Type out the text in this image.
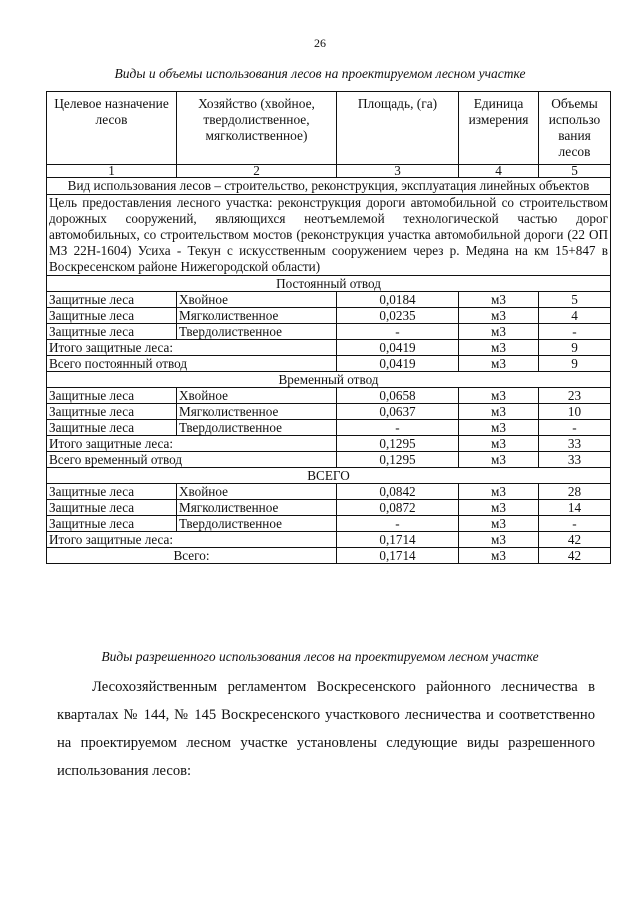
26
Виды и объемы использования лесов на проектируемом лесном участке
Целевое назначение лесов	Хозяйство (хвойное, твердолиственное, мягколиственное)	Площадь, (га)	Единица измерения	Объемы использо вания лесов
1	2	3	4	5
Вид использования лесов – строительство, реконструкция, эксплуатация линейных объектов				
Цель предоставления лесного участка: реконструкция дороги автомобильной со строительством дорожных сооружений, являющихся неотъемлемой технологической частью дорог автомобильных, со строительством мостов (реконструкция участка автомобильной дороги (22 ОП МЗ 22Н-1604) Усиха - Текун с искусственным сооружением через р. Медяна на км 15+847 в Воскресенском районе Нижегородской области)				
Постоянный отвод				
Защитные леса	Хвойное	0,0184	м3	5
Защитные леса	Мягколиственное	0,0235	м3	4
Защитные леса	Твердолиственное	-	м3	-
Итого защитные леса:		0,0419	м3	9
Всего постоянный отвод		0,0419	м3	9
Временный отвод				
Защитные леса	Хвойное	0,0658	м3	23
Защитные леса	Мягколиственное	0,0637	м3	10
Защитные леса	Твердолиственное	-	м3	-
Итого защитные леса:		0,1295	м3	33
Всего временный отвод		0,1295	м3	33
ВСЕГО				
Защитные леса	Хвойное	0,0842	м3	28
Защитные леса	Мягколиственное	0,0872	м3	14
Защитные леса	Твердолиственное	-	м3	-
Итого защитные леса:		0,1714	м3	42
Всего:		0,1714	м3	42
Виды разрешенного использования лесов на проектируемом лесном участке
Лесохозяйственным регламентом Воскресенского районного лесничества в кварталах № 144, № 145 Воскресенского участкового лесничества и соответственно на проектируемом лесном участке установлены следующие виды разрешенного использования лесов:
